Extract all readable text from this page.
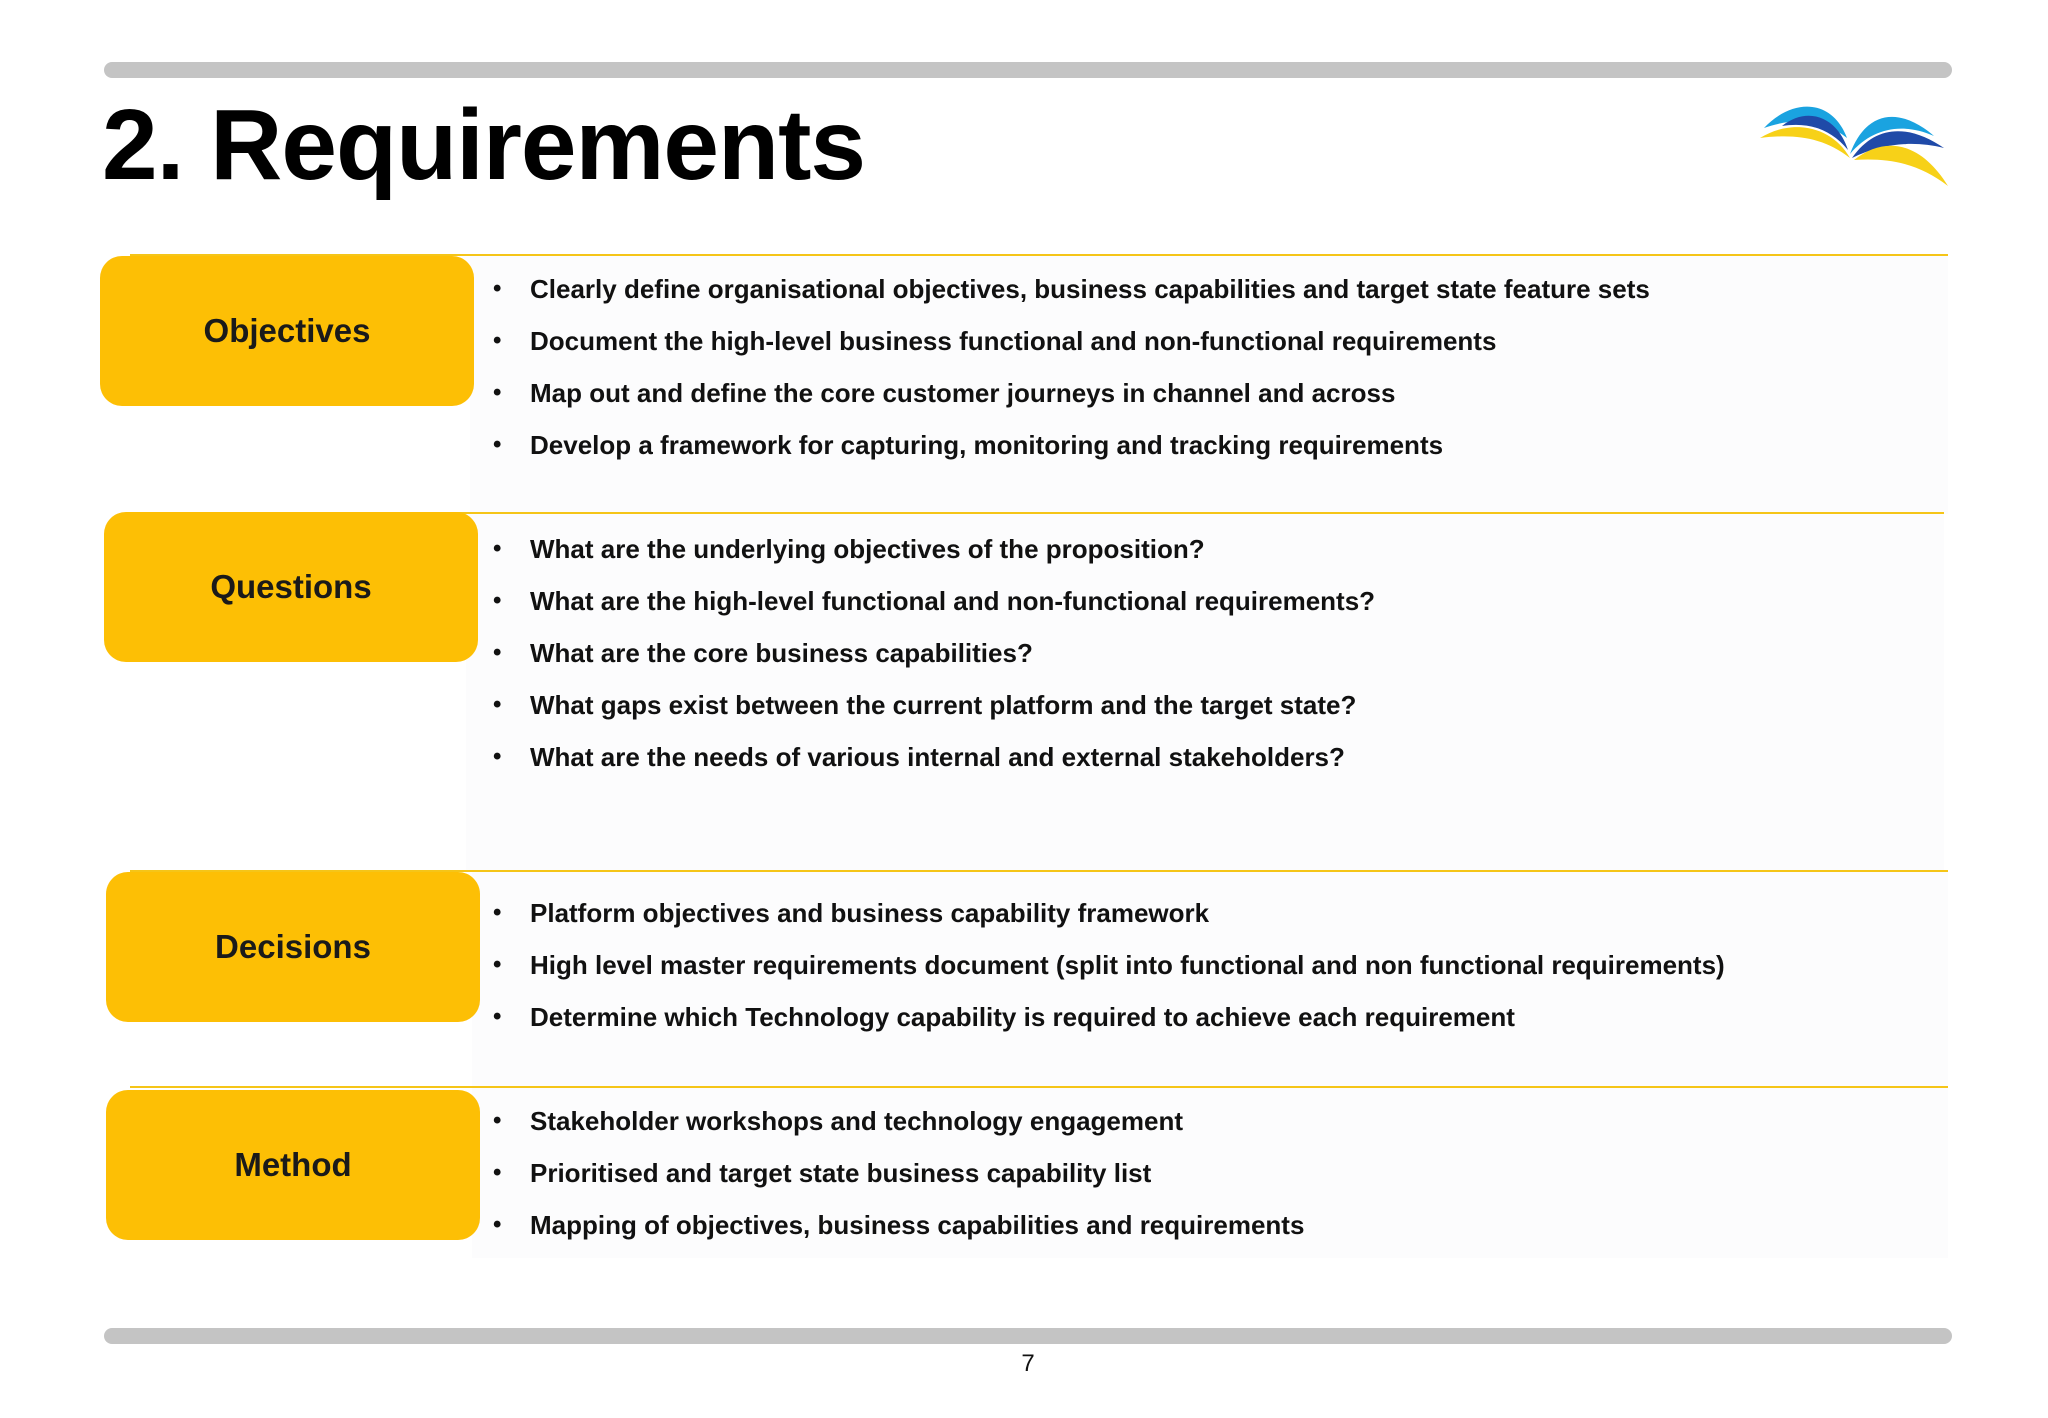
2. Requirements
Objectives
• Clearly define organisational objectives, business capabilities and target state feature sets
• Document the high-level business functional and non-functional requirements
• Map out and define the core customer journeys in channel and across
• Develop a framework for capturing, monitoring and tracking requirements
Questions
• What are the underlying objectives of the proposition?
• What are the high-level functional and non-functional requirements?
• What are the core business capabilities?
• What gaps exist between the current platform and the target state?
• What are the needs of various internal and external stakeholders?
Decisions
• Platform objectives and business capability framework
• High level master requirements document (split into functional and non functional requirements)
• Determine which Technology capability is required to achieve each requirement
Method
• Stakeholder workshops and technology engagement
• Prioritised and target state business capability list
• Mapping of objectives, business capabilities and requirements
7
